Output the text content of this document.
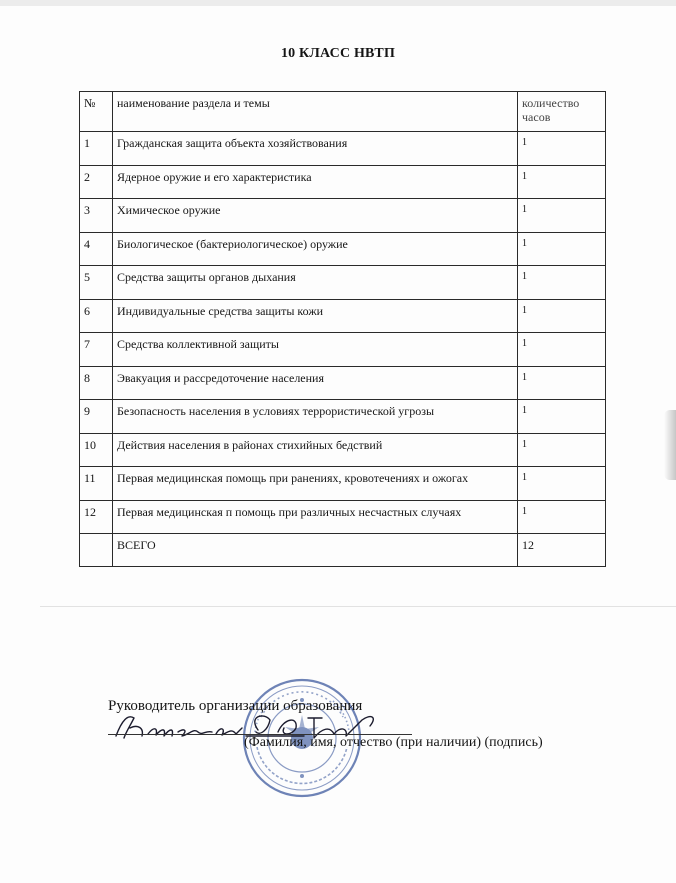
10 КЛАСС НВТП
№	наименование раздела и темы	количество часов
1	Гражданская защита объекта хозяйствования	1
2	Ядерное оружие и его характеристика	1
3	Химическое оружие	1
4	Биологическое (бактериологическое) оружие	1
5	Средства защиты органов дыхания	1
6	Индивидуальные средства защиты кожи	1
7	Средства коллективной защиты	1
8	Эвакуация и рассредоточение населения	1
9	Безопасность населения в условиях террористической угрозы	1
10	Действия населения в районах стихийных бедствий	1
11	Первая медицинская помощь при ранениях, кровотечениях и ожогах	1
12	Первая медицинская п помощь при различных несчастных случаях	1
	ВСЕГО	12
Руководитель организации образования
(Фамилия, имя, отчество (при наличии) (подпись)
